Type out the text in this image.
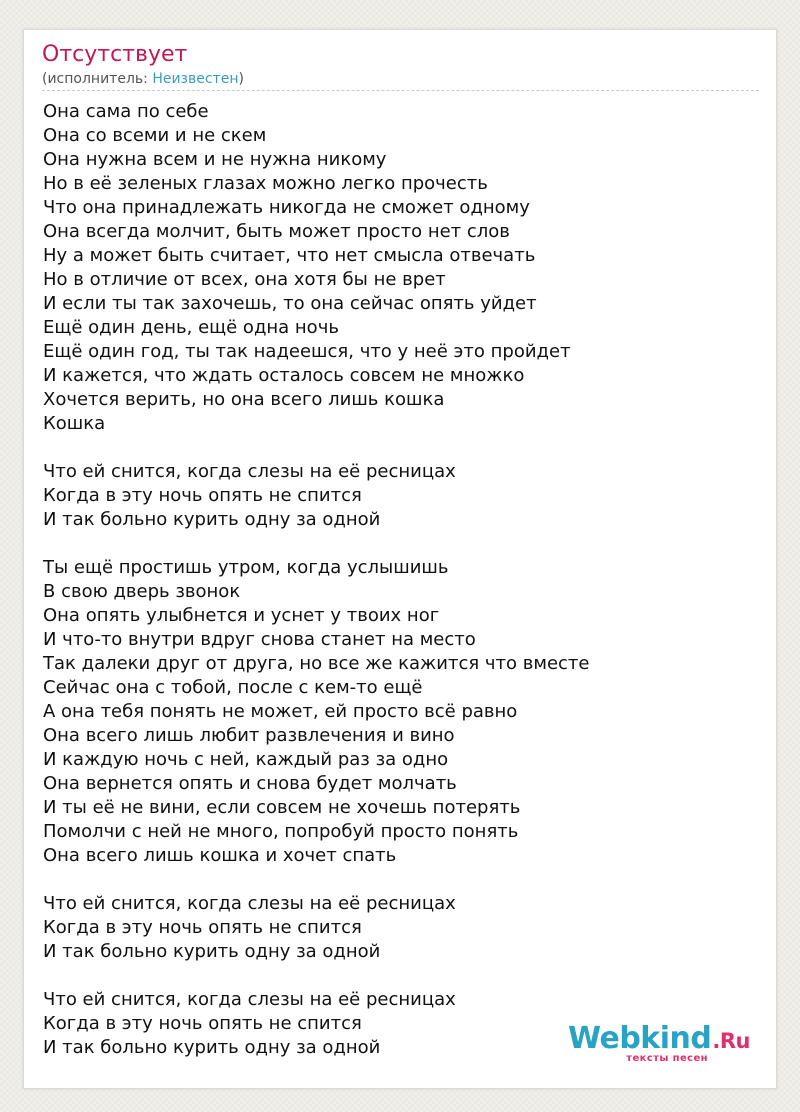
Отсутствует
(исполнитель: Неизвестен)
Она сама по себе
Она со всеми и не скем
Она нужна всем и не нужна никому
Но в её зеленых глазах можно легко прочесть
Что она принадлежать никогда не сможет одному
Она всегда молчит, быть может просто нет слов
Ну а может быть считает, что нет смысла отвечать
Но в отличие от всех, она хотя бы не врет
И если ты так захочешь, то она сейчас опять уйдет
Ещё один день, ещё одна ночь
Ещё один год, ты так надеешся, что у неё это пройдет
И кажется, что ждать осталось совсем не множко
Хочется верить, но она всего лишь кошка
Кошка
Что ей снится, когда слезы на её ресницах
Когда в эту ночь опять не спится
И так больно курить одну за одной
Ты ещё простишь утром, когда услышишь
В свою дверь звонок
Она опять улыбнется и уснет у твоих ног
И что-то внутри вдруг снова станет на место
Так далеки друг от друга, но все же кажится что вместе
Сейчас она с тобой, после с кем-то ещё
А она тебя понять не может, ей просто всё равно
Она всего лишь любит развлечения и вино
И каждую ночь с ней, каждый раз за одно
Она вернется опять и снова будет молчать
И ты её не вини, если совсем не хочешь потерять
Помолчи с ней не много, попробуй просто понять
Она всего лишь кошка и хочет спать
Что ей снится, когда слезы на её ресницах
Когда в эту ночь опять не спится
И так больно курить одну за одной
Что ей снится, когда слезы на её ресницах
Когда в эту ночь опять не спится
И так больно курить одну за одной	Webkind.Ru
тексты песен
